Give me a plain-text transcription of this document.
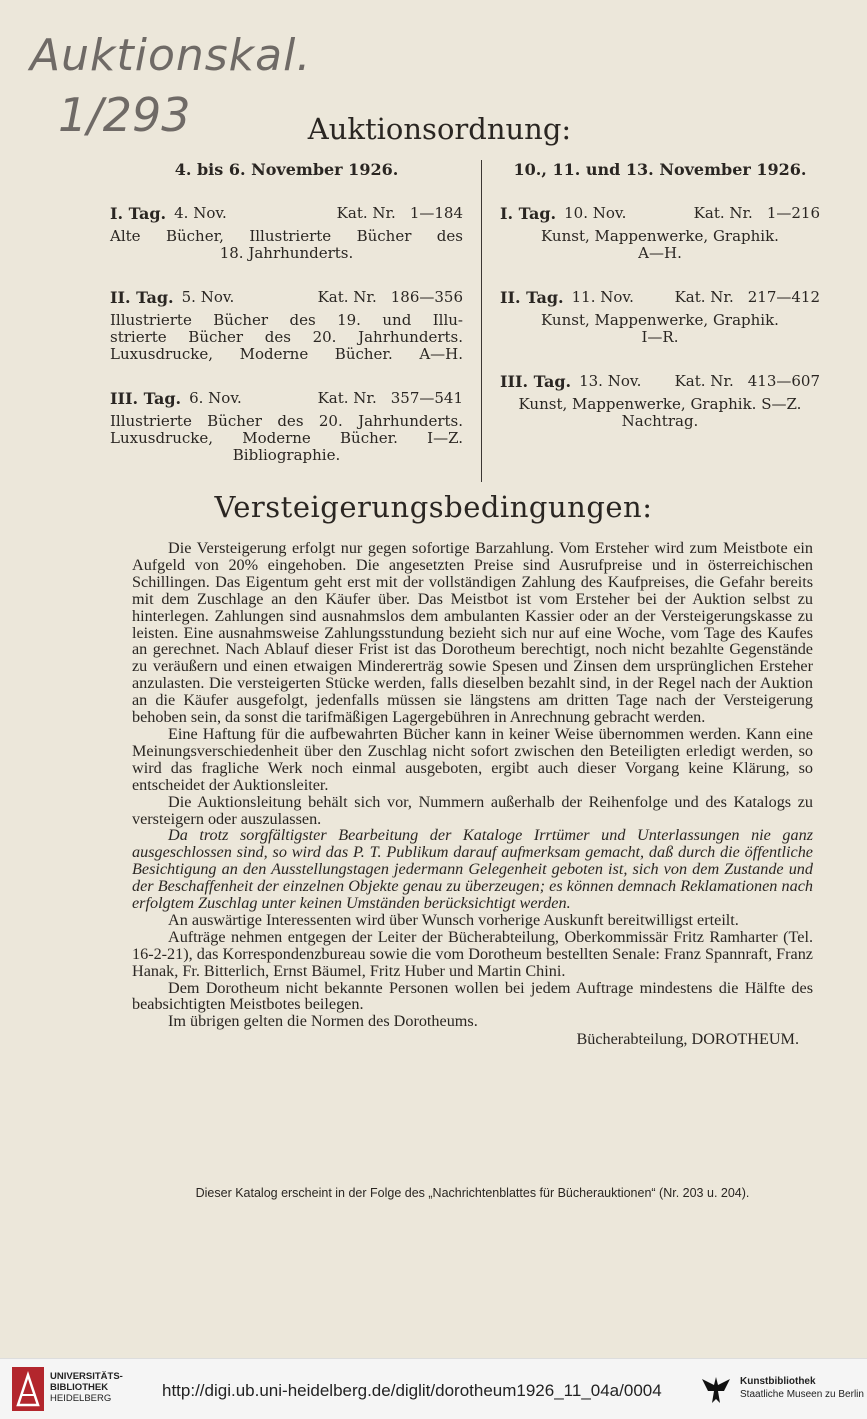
Auktionskal.
1/293	Auktionsordnung:
4. bis 6. November 1926.
I. Tag. 4. Nov.	Kat. Nr. 1—184
Alte Bücher, Illustrierte Bücher des
18. Jahrhunderts.
II. Tag. 5. Nov.	Kat. Nr. 186—356
Illustrierte Bücher des 19. und Illu-
strierte Bücher des 20. Jahrhunderts.
Luxusdrucke, Moderne Bücher. A—H.
III. Tag. 6. Nov.	Kat. Nr. 357—541
Illustrierte Bücher des 20. Jahrhunderts.
Luxusdrucke, Moderne Bücher. I—Z.
Bibliographie.
10., 11. und 13. November 1926.
I. Tag. 10. Nov.	Kat. Nr. 1—216
Kunst, Mappenwerke, Graphik.
A—H.
II. Tag. 11. Nov.	Kat. Nr. 217—412
Kunst, Mappenwerke, Graphik.
I—R.
III. Tag. 13. Nov.	Kat. Nr. 413—607
Kunst, Mappenwerke, Graphik. S—Z.
Nachtrag.
Versteigerungsbedingungen:

Die Versteigerung erfolgt nur gegen sofortige Barzahlung. Vom Ersteher wird zum Meistbote ein Aufgeld von 20% eingehoben. Die angesetzten Preise sind Ausrufpreise und in österreichischen Schillingen. Das Eigentum geht erst mit der vollständigen Zahlung des Kaufpreises, die Gefahr bereits mit dem Zuschlage an den Käufer über. Das Meistbot ist vom Ersteher bei der Auktion selbst zu hinterlegen. Zahlungen sind ausnahmslos dem ambulanten Kassier oder an der Versteigerungskasse zu leisten. Eine ausnahmsweise Zahlungsstundung bezieht sich nur auf eine Woche, vom Tage des Kaufes an gerechnet. Nach Ablauf dieser Frist ist das Dorotheum berechtigt, noch nicht bezahlte Gegenstände zu veräußern und einen etwaigen Mindererträg sowie Spesen und Zinsen dem ursprünglichen Ersteher anzulasten. Die versteigerten Stücke werden, falls dieselben bezahlt sind, in der Regel nach der Auktion an die Käufer ausgefolgt, jedenfalls müssen sie längstens am dritten Tage nach der Versteigerung behoben sein, da sonst die tarifmäßigen Lagergebühren in Anrechnung gebracht werden.

Eine Haftung für die aufbewahrten Bücher kann in keiner Weise übernommen werden. Kann eine Meinungsverschiedenheit über den Zuschlag nicht sofort zwischen den Beteiligten erledigt werden, so wird das fragliche Werk noch einmal ausgeboten, ergibt auch dieser Vorgang keine Klärung, so entscheidet der Auktionsleiter.

Die Auktionsleitung behält sich vor, Nummern außerhalb der Reihenfolge und des Katalogs zu versteigern oder auszulassen.

Da trotz sorgfältigster Bearbeitung der Kataloge Irrtümer und Unterlassungen nie ganz ausgeschlossen sind, so wird das P. T. Publikum darauf aufmerksam gemacht, daß durch die öffentliche Besichtigung an den Ausstellungstagen jedermann Gelegenheit geboten ist, sich von dem Zustande und der Beschaffenheit der einzelnen Objekte genau zu überzeugen; es können demnach Reklamationen nach erfolgtem Zuschlag unter keinen Umständen berücksichtigt werden.

An auswärtige Interessenten wird über Wunsch vorherige Auskunft bereitwilligst erteilt.

Aufträge nehmen entgegen der Leiter der Bücherabteilung, Oberkommissär Fritz Ramharter (Tel. 16-2-21), das Korrespondenzbureau sowie die vom Dorotheum bestellten Senale: Franz Spannraft, Franz Hanak, Fr. Bitterlich, Ernst Bäumel, Fritz Huber und Martin Chini.

Dem Dorotheum nicht bekannte Personen wollen bei jedem Auftrage mindestens die Hälfte des beabsichtigten Meistbotes beilegen.

Im übrigen gelten die Normen des Dorotheums.

Bücherabteilung, DOROTHEUM.
Dieser Katalog erscheint in der Folge des „Nachrichtenblattes für Bücherauktionen“ (Nr. 203 u. 204).
UNIVERSITÄTS-
BIBLIOTHEK
HEIDELBERG	http://digi.ub.uni-heidelberg.de/diglit/dorotheum1926_11_04a/0004	Kunstbibliothek
Staatliche Museen zu Berlin
